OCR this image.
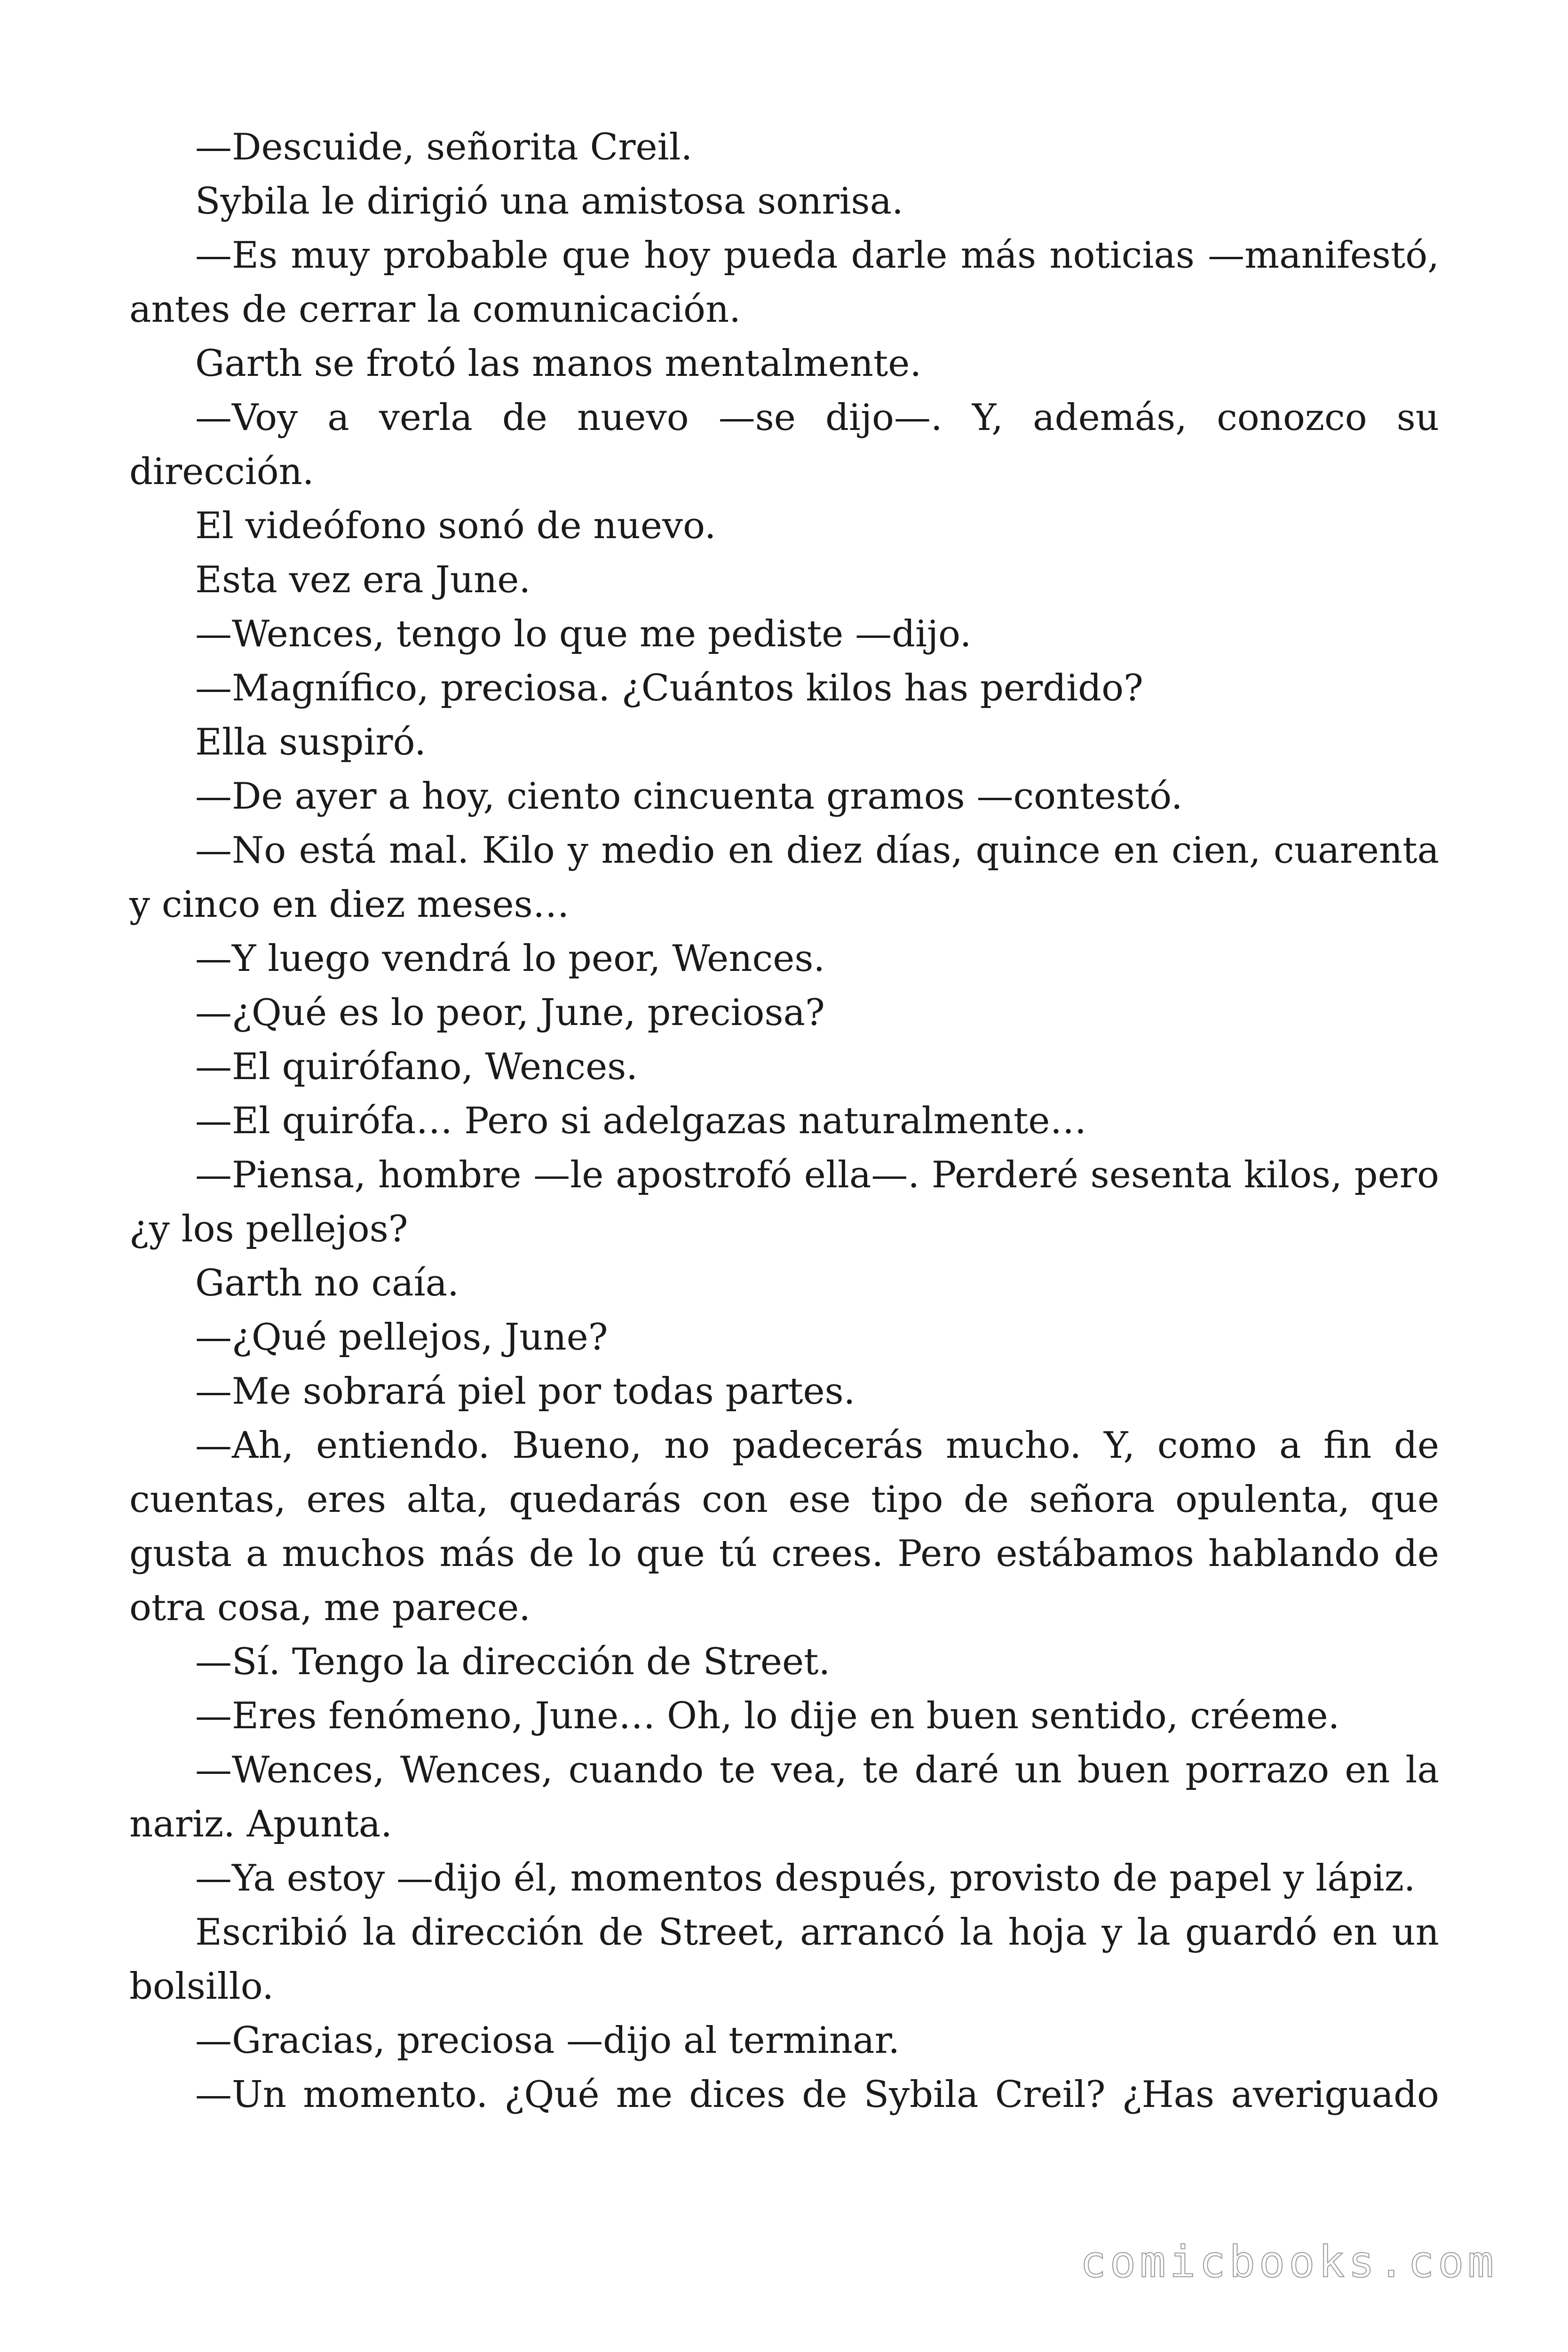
—Descuide, señorita Creil.

Sybila le dirigió una amistosa sonrisa.

—Es muy probable que hoy pueda darle más noticias —manifestó, antes de cerrar la comunicación.

Garth se frotó las manos mentalmente.

—Voy a verla de nuevo —se dijo—. Y, además, conozco su dirección.

El videófono sonó de nuevo.

Esta vez era June.

—Wences, tengo lo que me pediste —dijo.

—Magnífico, preciosa. ¿Cuántos kilos has perdido?

Ella suspiró.

—De ayer a hoy, ciento cincuenta gramos —contestó.

—No está mal. Kilo y medio en diez días, quince en cien, cuarenta y cinco en diez meses…

—Y luego vendrá lo peor, Wences.

—¿Qué es lo peor, June, preciosa?

—El quirófano, Wences.

—El quirófa… Pero si adelgazas naturalmente…

—Piensa, hombre —le apostrofó ella—. Perderé sesenta kilos, pero ¿y los pellejos?

Garth no caía.

—¿Qué pellejos, June?

—Me sobrará piel por todas partes.

—Ah, entiendo. Bueno, no padecerás mucho. Y, como a fin de cuentas, eres alta, quedarás con ese tipo de señora opulenta, que gusta a muchos más de lo que tú crees. Pero estábamos hablando de otra cosa, me parece.

—Sí. Tengo la dirección de Street.

—Eres fenómeno, June… Oh, lo dije en buen sentido, créeme.

—Wences, Wences, cuando te vea, te daré un buen porrazo en la nariz. Apunta.

—Ya estoy —dijo él, momentos después, provisto de papel y lápiz.

Escribió la dirección de Street, arrancó la hoja y la guardó en un bolsillo.

—Gracias, preciosa —dijo al terminar.

—Un momento. ¿Qué me dices de Sybila Creil? ¿Has averiguado

comicbooks.com
